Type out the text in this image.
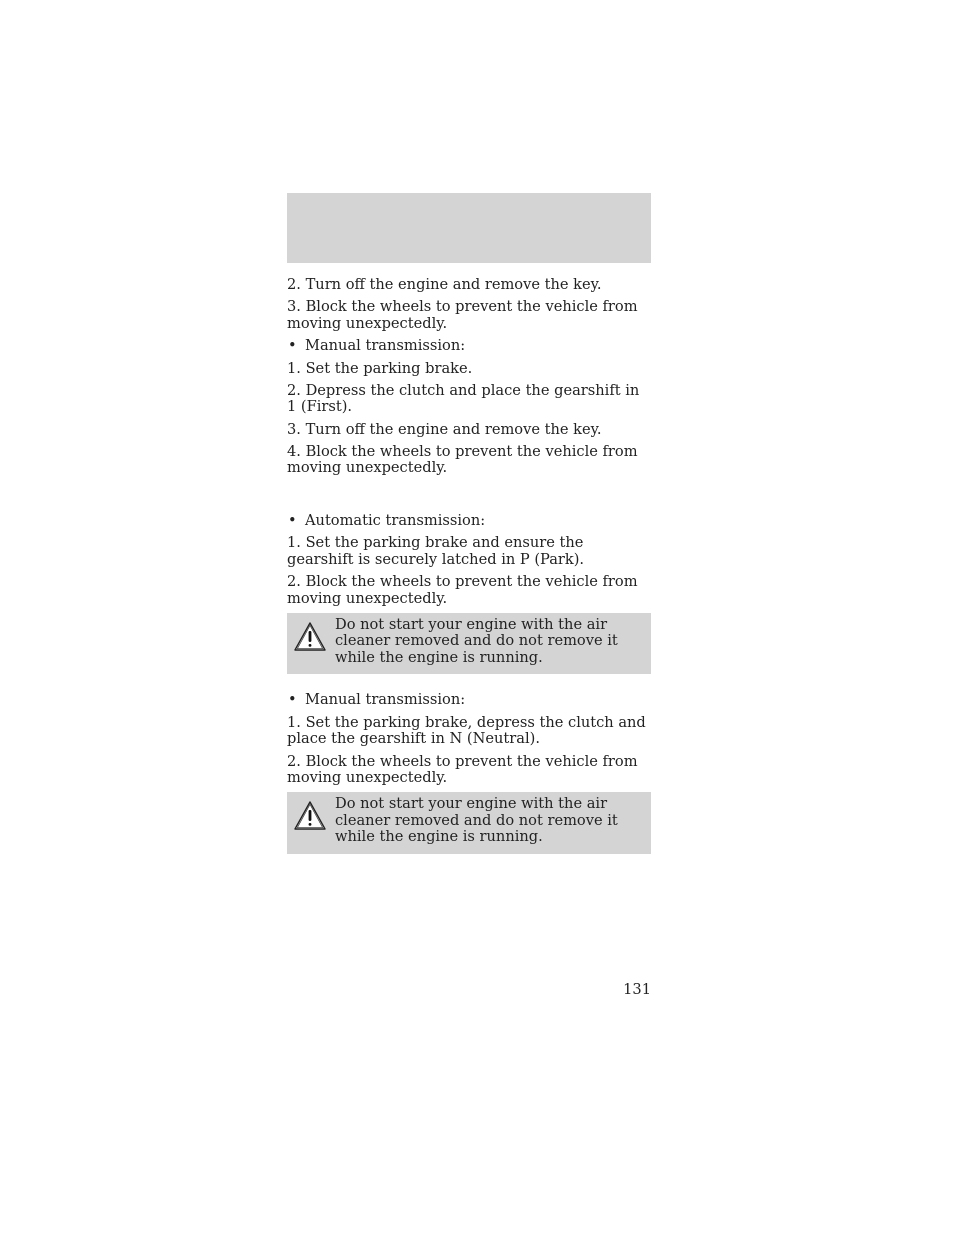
2. Turn off the engine and remove the key.

3. Block the wheels to prevent the vehicle from moving unexpectedly.

• Manual transmission:

1. Set the parking brake.

2. Depress the clutch and place the gearshift in 1 (First).

3. Turn off the engine and remove the key.

4. Block the wheels to prevent the vehicle from moving unexpectedly.

• Automatic transmission:

1. Set the parking brake and ensure the gearshift is securely latched in P (Park).

2. Block the wheels to prevent the vehicle from moving unexpectedly.

Do not start your engine with the air cleaner removed and do not remove it while the engine is running.
• Manual transmission:

1. Set the parking brake, depress the clutch and place the gearshift in N (Neutral).

2. Block the wheels to prevent the vehicle from moving unexpectedly.

Do not start your engine with the air cleaner removed and do not remove it while the engine is running.
131
